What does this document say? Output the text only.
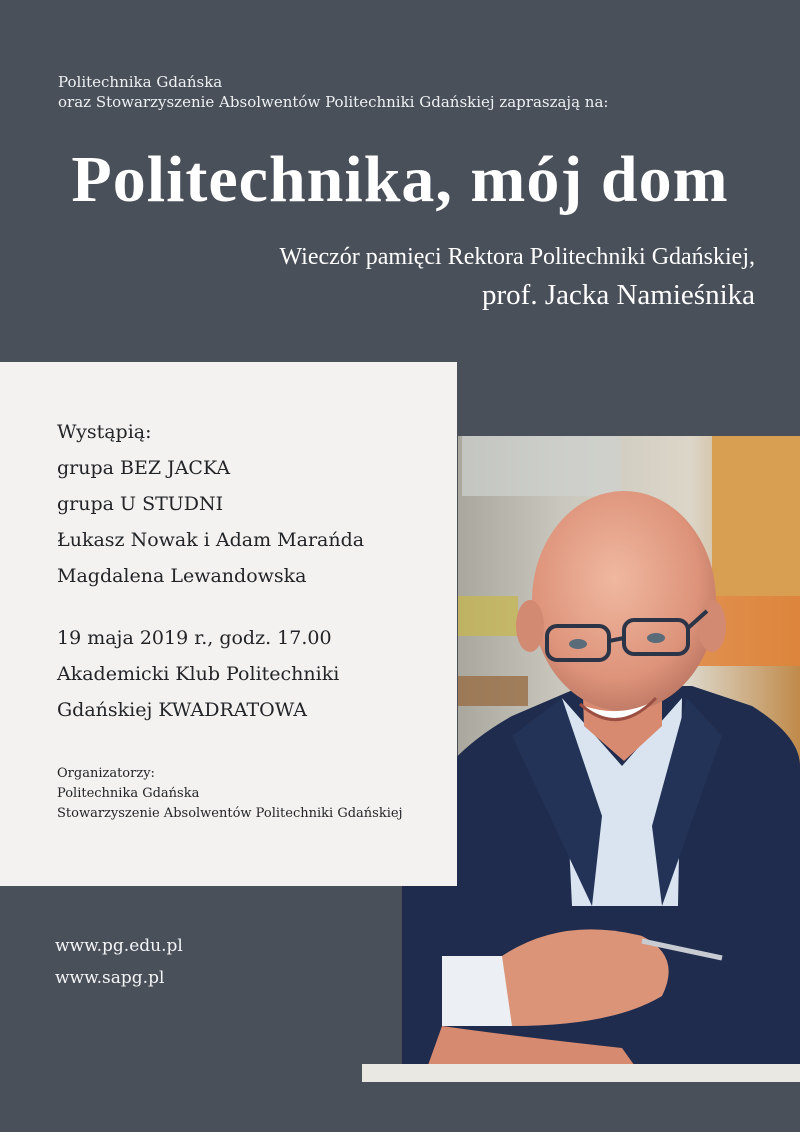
Politechnika Gdańska
oraz Stowarzyszenie Absolwentów Politechniki Gdańskiej zapraszają na:
Politechnika, mój dom
Wieczór pamięci Rektora Politechniki Gdańskiej,
prof. Jacka Namieśnika
Wystąpią:
grupa BEZ JACKA
grupa U STUDNI
Łukasz Nowak i Adam Marańda
Magdalena Lewandowska
19 maja 2019 r., godz. 17.00
Akademicki Klub Politechniki
Gdańskiej KWADRATOWA
Organizatorzy:
Politechnika Gdańska
Stowarzyszenie Absolwentów Politechniki Gdańskiej
www.pg.edu.pl
www.sapg.pl
